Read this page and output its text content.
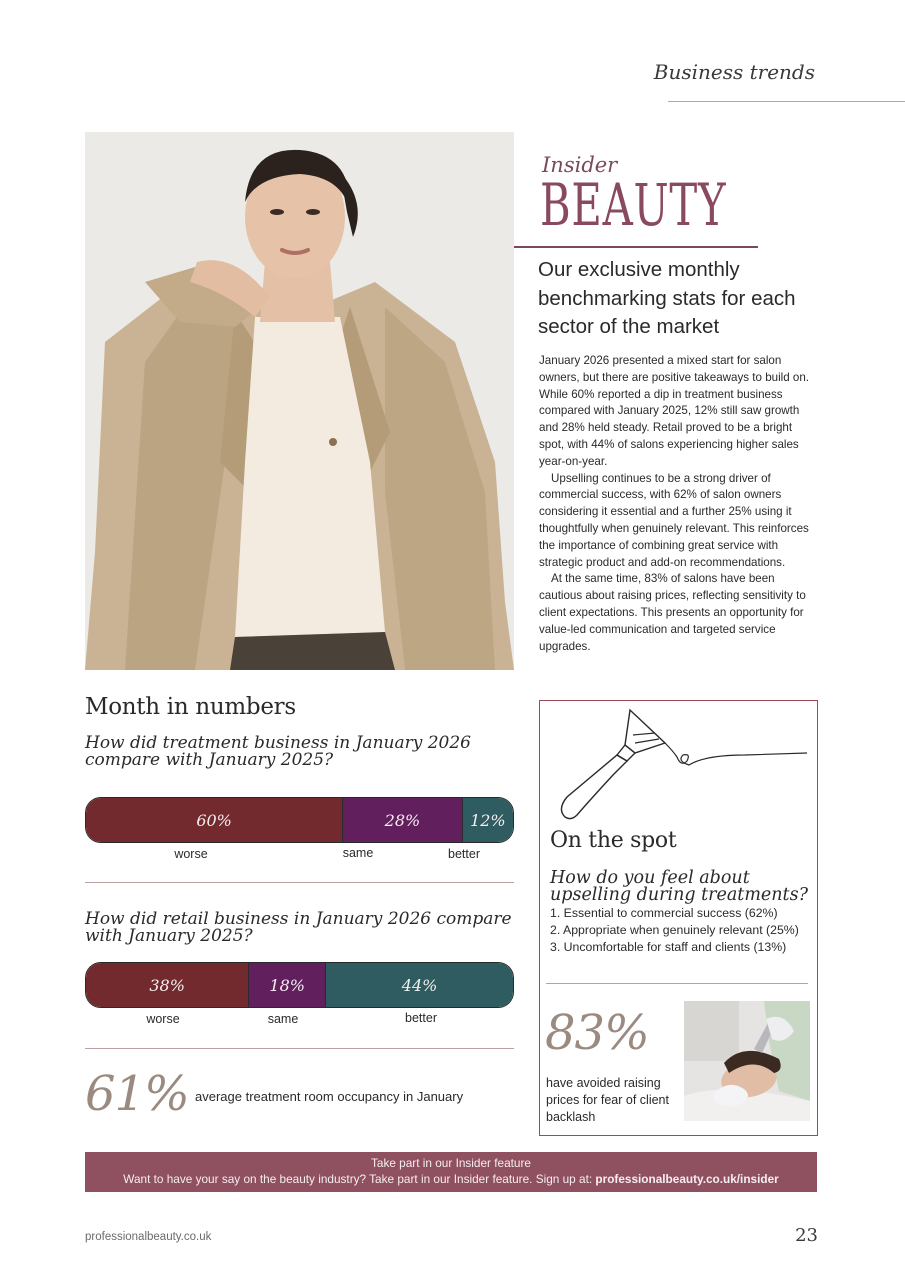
Business trends
Insider
BEAUTY
Our exclusive monthly benchmarking stats for each sector of the market

January 2026 presented a mixed start for salon owners, but there are positive takeaways to build on. While 60% reported a dip in treatment business compared with January 2025, 12% still saw growth and 28% held steady. Retail proved to be a bright spot, with 44% of salons experiencing higher sales year-on-year.

Upselling continues to be a strong driver of commercial success, with 62% of salon owners considering it essential and a further 25% using it thoughtfully when genuinely relevant. This reinforces the importance of combining great service with strategic product and add-on recommendations.

At the same time, 83% of salons have been cautious about raising prices, reflecting sensitivity to client expectations. This presents an opportunity for value-led communication and targeted service upgrades.

Month in numbers
How did treatment business in January 2026 compare with January 2025?
60%	28%	12%
worse	same	better
How did retail business in January 2026 compare with January 2025?
38%	18%	44%
worse	same	better
61% average treatment room occupancy in January
On the spot
How do you feel about upselling during treatments?
1. Essential to commercial success (62%)
2. Appropriate when genuinely relevant (25%)
3. Uncomfortable for staff and clients (13%)
83%
have avoided raising prices for fear of client backlash
Take part in our Insider feature
Want to have your say on the beauty industry? Take part in our Insider feature. Sign up at: professionalbeauty.co.uk/insider
professionalbeauty.co.uk	23
